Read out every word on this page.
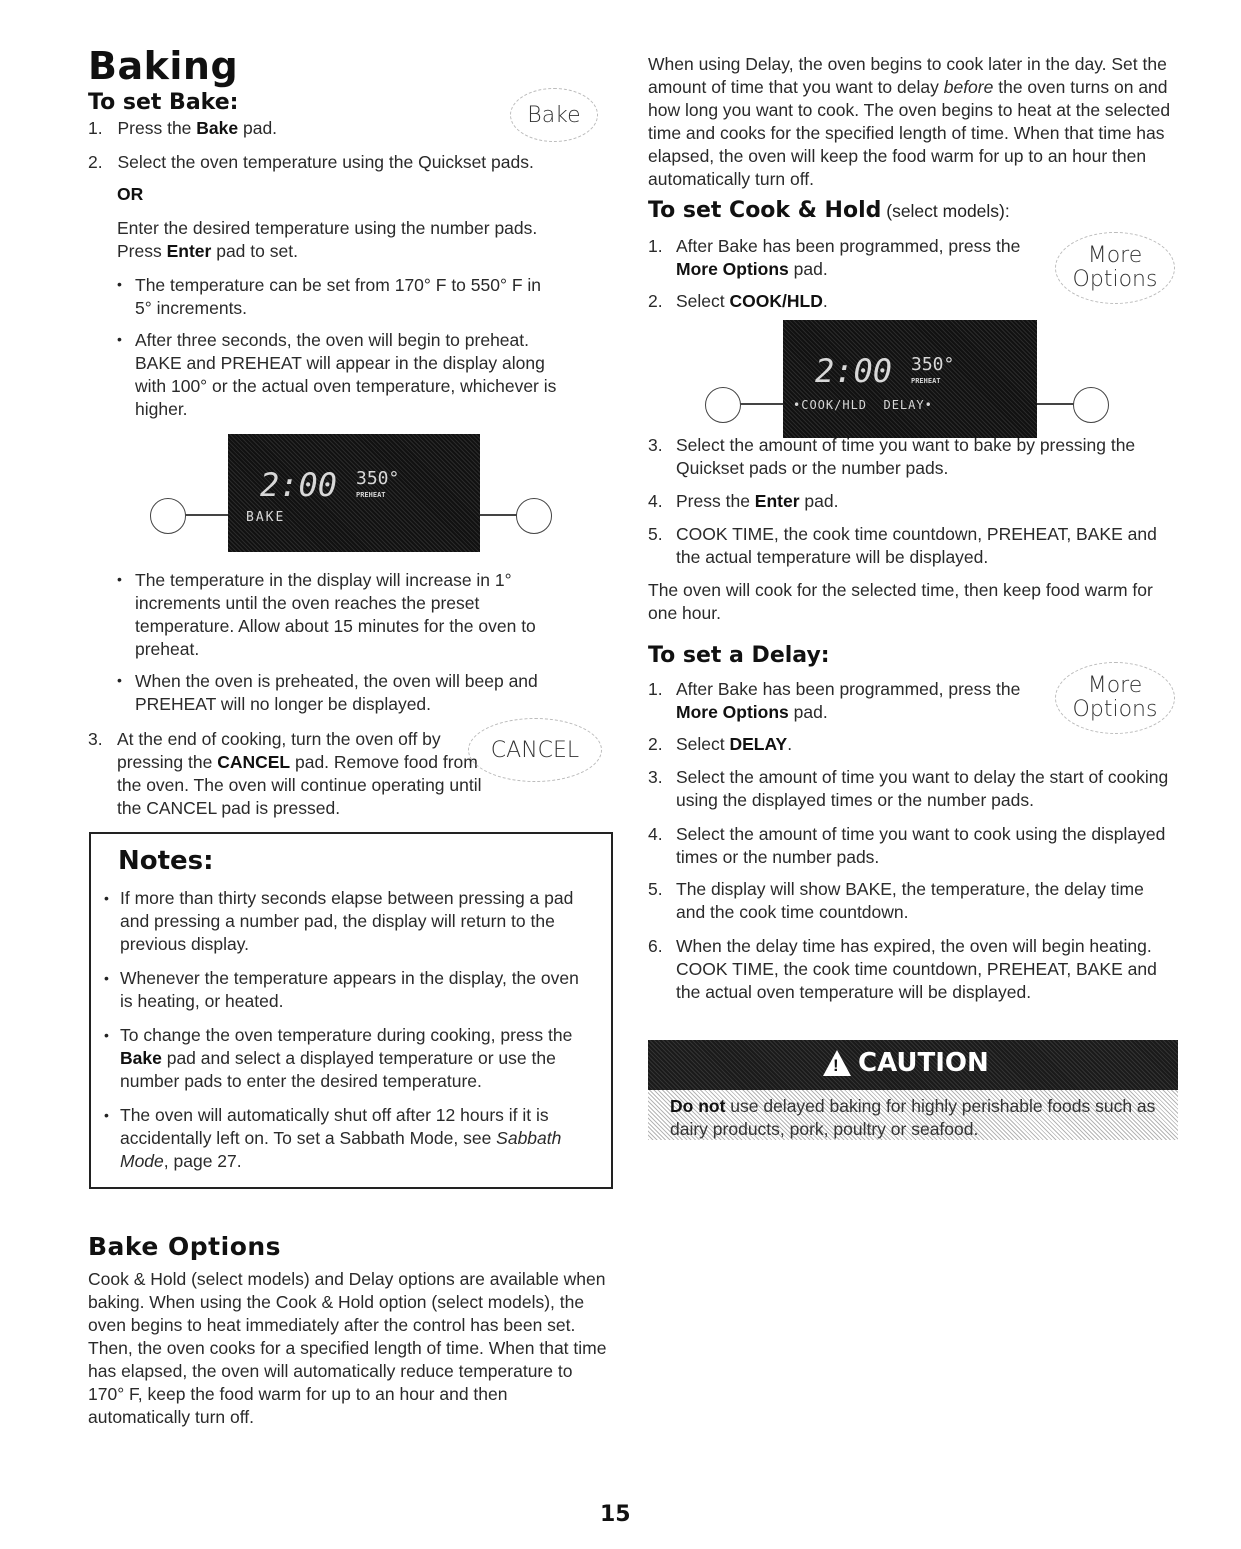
Baking
To set Bake:
1. Press the Bake pad.
Bake
2. Select the oven temperature using the Quickset pads.
OR
Enter the desired temperature using the number pads.
Press Enter pad to set.
• The temperature can be set from 170° F to 550° F in 5° increments.
• After three seconds, the oven will begin to preheat. BAKE and PREHEAT will appear in the display along with 100° or the actual oven temperature, whichever is higher.
2:00 350°
PREHEAT
BAKE
• The temperature in the display will increase in 1° increments until the oven reaches the preset temperature. Allow about 15 minutes for the oven to preheat.
• When the oven is preheated, the oven will beep and PREHEAT will no longer be displayed.
3. At the end of cooking, turn the oven off by pressing the CANCEL pad. Remove food from the oven. The oven will continue operating until the CANCEL pad is pressed.
CANCEL
Notes:
• If more than thirty seconds elapse between pressing a pad and pressing a number pad, the display will return to the previous display.
• Whenever the temperature appears in the display, the oven is heating, or heated.
• To change the oven temperature during cooking, press the Bake pad and select a displayed temperature or use the number pads to enter the desired temperature.
• The oven will automatically shut off after 12 hours if it is accidentally left on. To set a Sabbath Mode, see Sabbath Mode, page 27.
Bake Options
Cook & Hold (select models) and Delay options are available when baking. When using the Cook & Hold option (select models), the oven begins to heat immediately after the control has been set. Then, the oven cooks for a specified length of time. When that time has elapsed, the oven will automatically reduce temperature to 170° F, keep the food warm for up to an hour and then automatically turn off.
When using Delay, the oven begins to cook later in the day. Set the amount of time that you want to delay before the oven turns on and how long you want to cook. The oven begins to heat at the selected time and cooks for the specified length of time. When that time has elapsed, the oven will keep the food warm for up to an hour then automatically turn off.
To set Cook & Hold (select models):
1. After Bake has been programmed, press the More Options pad.
More
Options
2. Select COOK/HLD.
2:00 350°
PREHEAT
•COOK/HLD  DELAY•
3. Select the amount of time you want to bake by pressing the Quickset pads or the number pads.
4. Press the Enter pad.
5. COOK TIME, the cook time countdown, PREHEAT, BAKE and the actual temperature will be displayed.
The oven will cook for the selected time, then keep food warm for one hour.
To set a Delay:
1. After Bake has been programmed, press the More Options pad.
More
Options
2. Select DELAY.
3. Select the amount of time you want to delay the start of cooking using the displayed times or the number pads.
4. Select the amount of time you want to cook using the displayed times or the number pads.
5. The display will show BAKE, the temperature, the delay time and the cook time countdown.
6. When the delay time has expired, the oven will begin heating. COOK TIME, the cook time countdown, PREHEAT, BAKE and the actual oven temperature will be displayed.
! CAUTION
Do not use delayed baking for highly perishable foods such as dairy products, pork, poultry or seafood.
15
